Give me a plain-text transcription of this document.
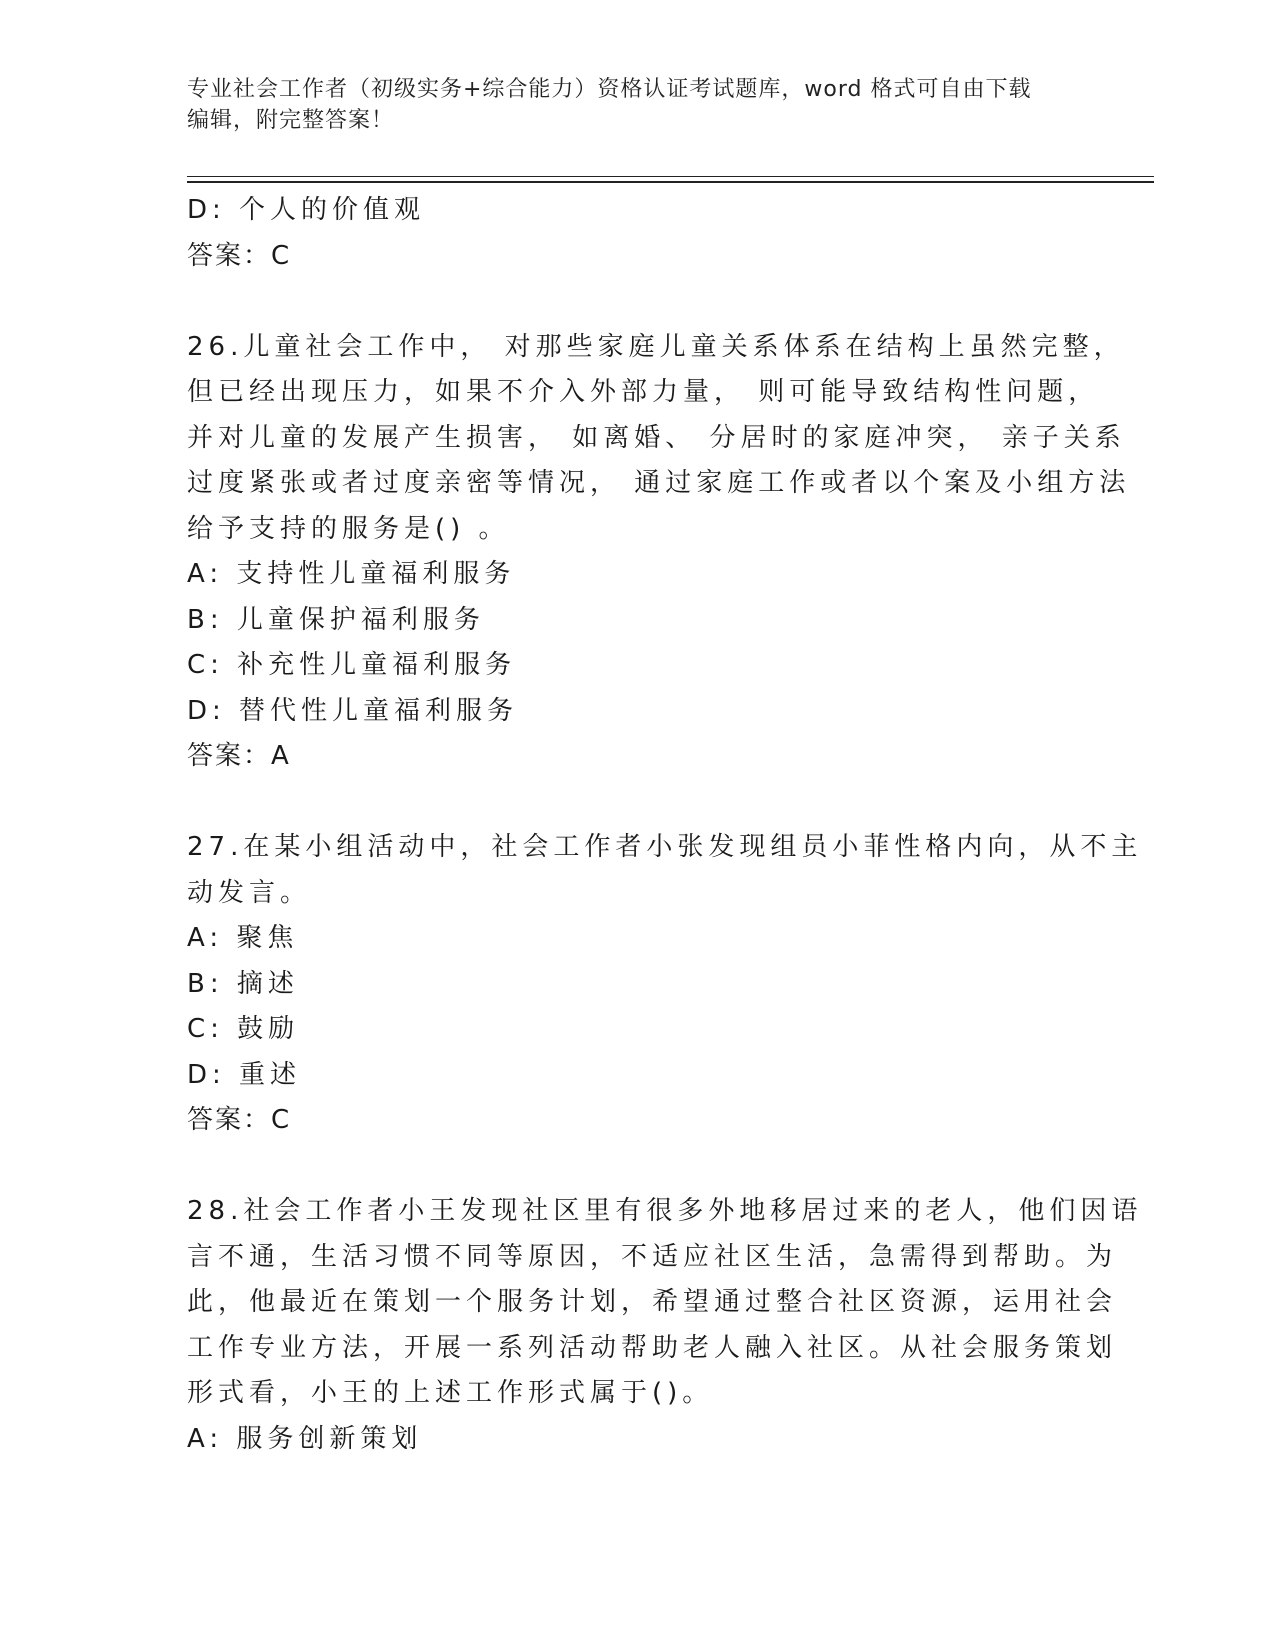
专业社会工作者（初级实务+综合能力）资格认证考试题库，word 格式可自由下载
编辑，附完整答案！
D: 个人的价值观
答案：C
26.儿童社会工作中， 对那些家庭儿童关系体系在结构上虽然完整，
但已经出现压力，如果不介入外部力量， 则可能导致结构性问题，
并对儿童的发展产生损害， 如离婚、 分居时的家庭冲突， 亲子关系
过度紧张或者过度亲密等情况， 通过家庭工作或者以个案及小组方法
给予支持的服务是() 。
A: 支持性儿童福利服务
B: 儿童保护福利服务
C: 补充性儿童福利服务
D: 替代性儿童福利服务
答案：A
27.在某小组活动中，社会工作者小张发现组员小菲性格内向，从不主
动发言。
A: 聚焦
B: 摘述
C: 鼓励
D: 重述
答案：C
28.社会工作者小王发现社区里有很多外地移居过来的老人，他们因语
言不通，生活习惯不同等原因，不适应社区生活，急需得到帮助。为
此，他最近在策划一个服务计划，希望通过整合社区资源，运用社会
工作专业方法，开展一系列活动帮助老人融入社区。从社会服务策划
形式看，小王的上述工作形式属于()。
A: 服务创新策划
